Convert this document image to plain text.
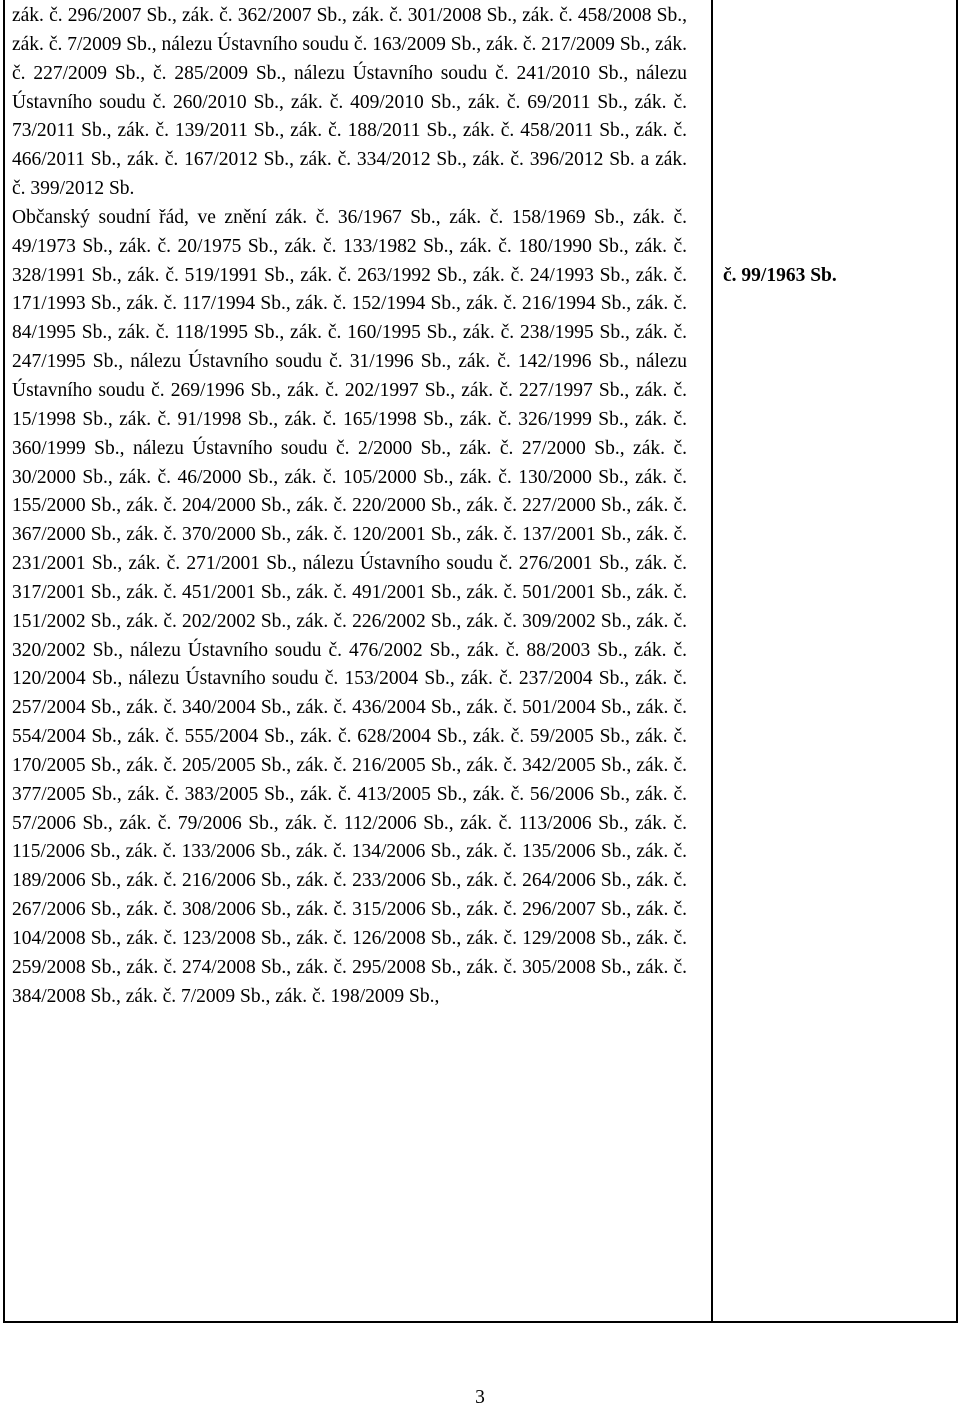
zák. č. 296/2007 Sb., zák. č. 362/2007 Sb., zák. č. 301/2008 Sb., zák. č. 458/2008 Sb., zák. č. 7/2009 Sb., nálezu Ústavního soudu č. 163/2009 Sb., zák. č. 217/2009 Sb., zák. č. 227/2009 Sb., č. 285/2009 Sb., nálezu Ústavního soudu č. 241/2010 Sb., nálezu Ústavního soudu č. 260/2010 Sb., zák. č. 409/2010 Sb., zák. č. 69/2011 Sb., zák. č. 73/2011 Sb., zák. č. 139/2011 Sb., zák. č. 188/2011 Sb., zák. č. 458/2011 Sb., zák. č. 466/2011 Sb., zák. č. 167/2012 Sb., zák. č. 334/2012 Sb., zák. č. 396/2012 Sb. a zák. č. 399/2012 Sb.

Občanský soudní řád, ve znění zák. č. 36/1967 Sb., zák. č. 158/1969 Sb., zák. č. 49/1973 Sb., zák. č. 20/1975 Sb., zák. č. 133/1982 Sb., zák. č. 180/1990 Sb., zák. č. 328/1991 Sb., zák. č. 519/1991 Sb., zák. č. 263/1992 Sb., zák. č. 24/1993 Sb., zák. č. 171/1993 Sb., zák. č. 117/1994 Sb., zák. č. 152/1994 Sb., zák. č. 216/1994 Sb., zák. č. 84/1995 Sb., zák. č. 118/1995 Sb., zák. č. 160/1995 Sb., zák. č. 238/1995 Sb., zák. č. 247/1995 Sb., nálezu Ústavního soudu č. 31/1996 Sb., zák. č. 142/1996 Sb., nálezu Ústavního soudu č. 269/1996 Sb., zák. č. 202/1997 Sb., zák. č. 227/1997 Sb., zák. č. 15/1998 Sb., zák. č. 91/1998 Sb., zák. č. 165/1998 Sb., zák. č. 326/1999 Sb., zák. č. 360/1999 Sb., nálezu Ústavního soudu č. 2/2000 Sb., zák. č. 27/2000 Sb., zák. č. 30/2000 Sb., zák. č. 46/2000 Sb., zák. č. 105/2000 Sb., zák. č. 130/2000 Sb., zák. č. 155/2000 Sb., zák. č. 204/2000 Sb., zák. č. 220/2000 Sb., zák. č. 227/2000 Sb., zák. č. 367/2000 Sb., zák. č. 370/2000 Sb., zák. č. 120/2001 Sb., zák. č. 137/2001 Sb., zák. č. 231/2001 Sb., zák. č. 271/2001 Sb., nálezu Ústavního soudu č. 276/2001 Sb., zák. č. 317/2001 Sb., zák. č. 451/2001 Sb., zák. č. 491/2001 Sb., zák. č. 501/2001 Sb., zák. č. 151/2002 Sb., zák. č. 202/2002 Sb., zák. č. 226/2002 Sb., zák. č. 309/2002 Sb., zák. č. 320/2002 Sb., nálezu Ústavního soudu č. 476/2002 Sb., zák. č. 88/2003 Sb., zák. č. 120/2004 Sb., nálezu Ústavního soudu č. 153/2004 Sb., zák. č. 237/2004 Sb., zák. č. 257/2004 Sb., zák. č. 340/2004 Sb., zák. č. 436/2004 Sb., zák. č. 501/2004 Sb., zák. č. 554/2004 Sb., zák. č. 555/2004 Sb., zák. č. 628/2004 Sb., zák. č. 59/2005 Sb., zák. č. 170/2005 Sb., zák. č. 205/2005 Sb., zák. č. 216/2005 Sb., zák. č. 342/2005 Sb., zák. č. 377/2005 Sb., zák. č. 383/2005 Sb., zák. č. 413/2005 Sb., zák. č. 56/2006 Sb., zák. č. 57/2006 Sb., zák. č. 79/2006 Sb., zák. č. 112/2006 Sb., zák. č. 113/2006 Sb., zák. č. 115/2006 Sb., zák. č. 133/2006 Sb., zák. č. 134/2006 Sb., zák. č. 135/2006 Sb., zák. č. 189/2006 Sb., zák. č. 216/2006 Sb., zák. č. 233/2006 Sb., zák. č. 264/2006 Sb., zák. č. 267/2006 Sb., zák. č. 308/2006 Sb., zák. č. 315/2006 Sb., zák. č. 296/2007 Sb., zák. č. 104/2008 Sb., zák. č. 123/2008 Sb., zák. č. 126/2008 Sb., zák. č. 129/2008 Sb., zák. č. 259/2008 Sb., zák. č. 274/2008 Sb., zák. č. 295/2008 Sb., zák. č. 305/2008 Sb., zák. č. 384/2008 Sb., zák. č. 7/2009 Sb., zák. č. 198/2009 Sb.,

č. 99/1963 Sb.
3
